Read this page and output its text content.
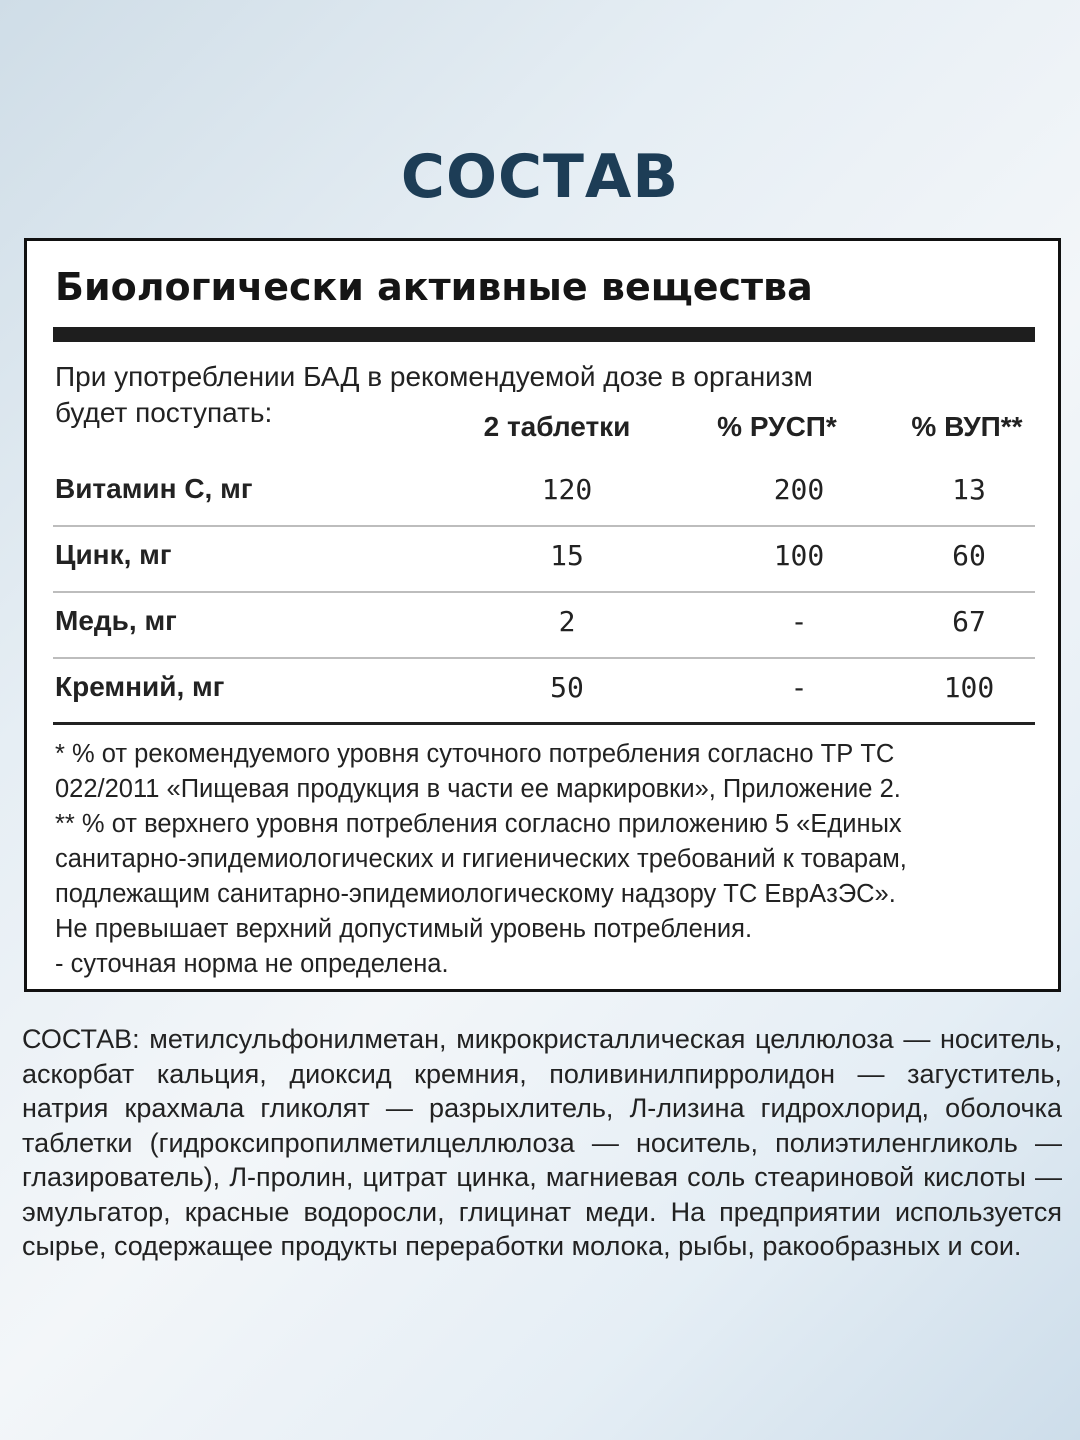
СОСТАВ
Биологически активные вещества
При употреблении БАД в рекомендуемой дозе в организм
будет поступать:	2 таблетки	% РУСП*	% ВУП**
Витамин С, мг	120	200	13
Цинк, мг	15	100	60
Медь, мг	2	-	67
Кремний, мг	50	-	100

* % от рекомендуемого уровня суточного потребления согласно ТР ТС

022/2011 «Пищевая продукция в части ее маркировки», Приложение 2.

** % от верхнего уровня потребления согласно приложению 5 «Единых

санитарно-эпидемиологических и гигиенических требований к товарам,

подлежащим санитарно-эпидемиологическому надзору ТС ЕврАзЭС».

Не превышает верхний допустимый уровень потребления.

- суточная норма не определена.

СОСТАВ: метилсульфонилметан, микрокристаллическая целлюлоза — носитель, аскорбат кальция, диоксид кремния, поливинилпирролидон — загуститель, натрия крахмала гликолят — разрыхлитель, Л-лизина гидрохлорид, оболочка таблетки (гидроксипропилметилцеллюлоза — носитель, полиэтиленгликоль — глазирователь), Л-пролин, цитрат цинка, магниевая соль стеариновой кислоты — эмульгатор, красные водоросли, глицинат меди. На предприятии используется сырье, содержащее продукты переработки молока, рыбы, ракообразных и сои.
